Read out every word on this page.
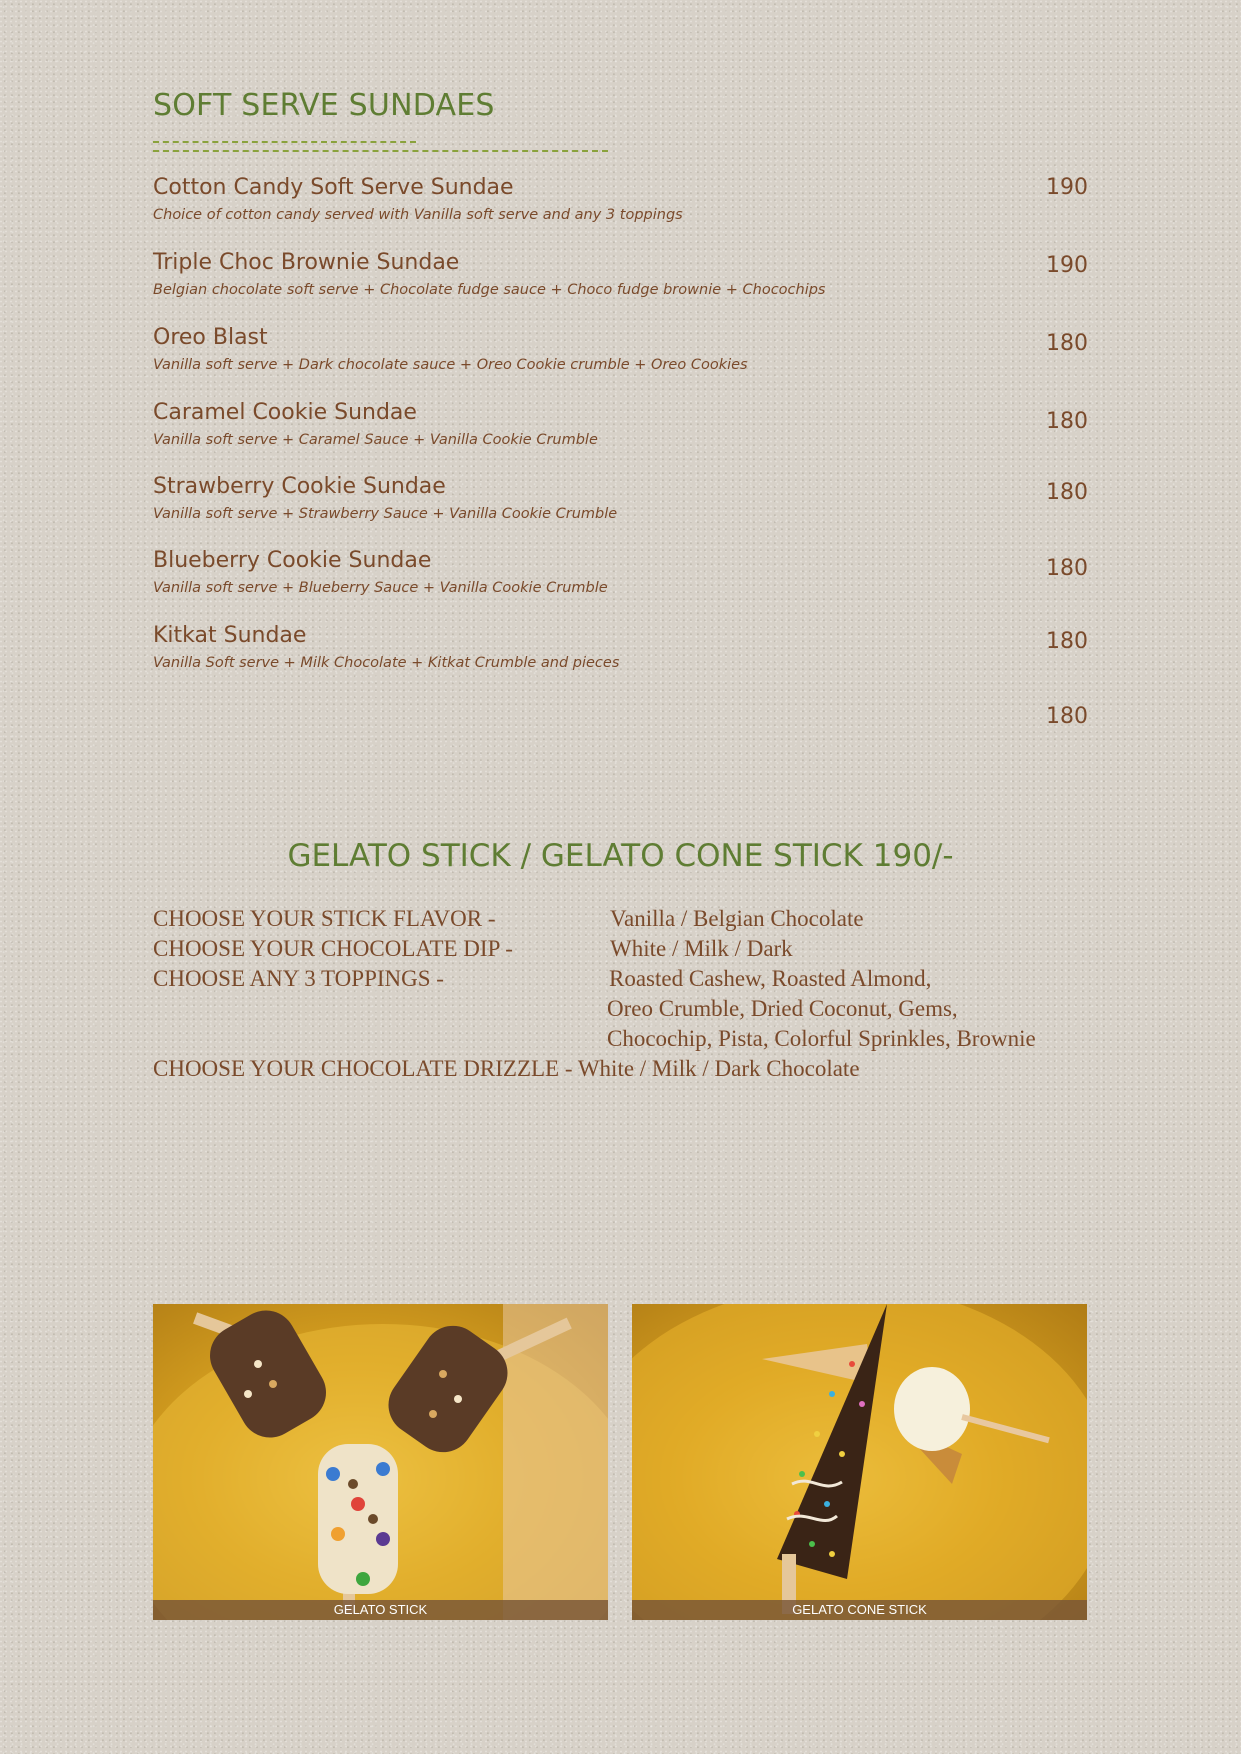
SOFT SERVE SUNDAES
Cotton Candy Soft Serve Sundae
Choice of cotton candy served with Vanilla soft serve and any 3 toppings
190
Triple Choc Brownie Sundae
Belgian chocolate soft serve + Chocolate fudge sauce + Choco fudge brownie + Chocochips
190
Oreo Blast
Vanilla soft serve + Dark chocolate sauce + Oreo Cookie crumble + Oreo Cookies
180
Caramel Cookie Sundae
Vanilla soft serve + Caramel Sauce + Vanilla Cookie Crumble
180
Strawberry Cookie Sundae
Vanilla soft serve + Strawberry Sauce + Vanilla Cookie Crumble
180
Blueberry Cookie Sundae
Vanilla soft serve + Blueberry Sauce + Vanilla Cookie Crumble
180
Kitkat Sundae
Vanilla Soft serve + Milk Chocolate + Kitkat Crumble and pieces
180
180
GELATO STICK / GELATO CONE STICK 190/-
CHOOSE YOUR STICK FLAVOR -	Vanilla / Belgian Chocolate
CHOOSE YOUR CHOCOLATE DIP -	White / Milk / Dark
CHOOSE ANY 3 TOPPINGS -	Roasted Cashew, Roasted Almond,
Oreo Crumble, Dried Coconut, Gems,
Chocochip, Pista, Colorful Sprinkles, Brownie
CHOOSE YOUR CHOCOLATE DRIZZLE - White / Milk / Dark Chocolate
GELATO STICK	GELATO CONE STICK
